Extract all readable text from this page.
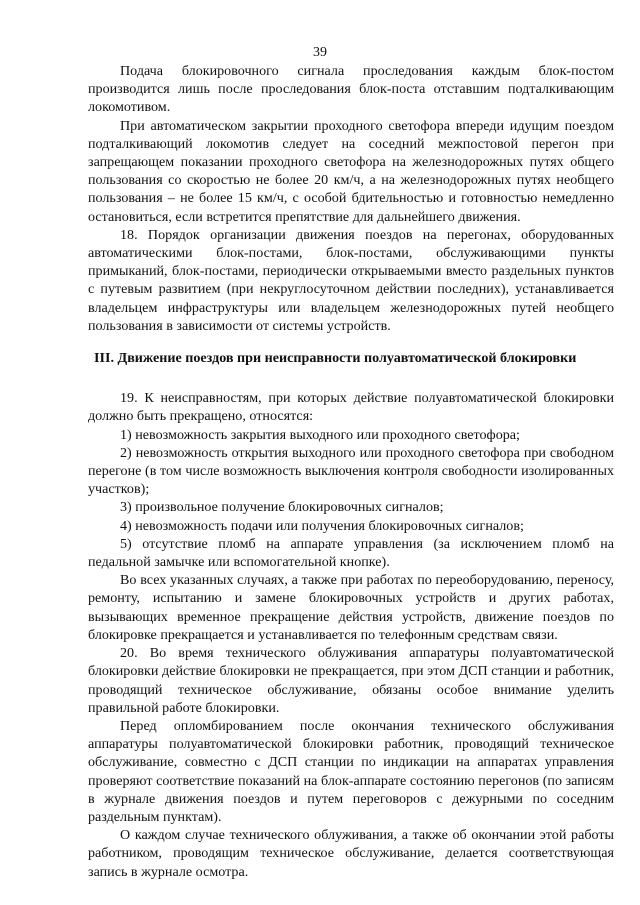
39

Подача блокировочного сигнала проследования каждым блок-постом производится лишь после проследования блок-поста отставшим подталкивающим локомотивом.

При автоматическом закрытии проходного светофора впереди идущим поездом подталкивающий локомотив следует на соседний межпостовой перегон при запрещающем показании проходного светофора на железнодорожных путях общего пользования со скоростью не более 20 км/ч, а на железнодорожных путях необщего пользования – не более 15 км/ч, с особой бдительностью и готовностью немедленно остановиться, если встретится препятствие для дальнейшего движения.

18. Порядок организации движения поездов на перегонах, оборудованных автоматическими блок-постами, блок-постами, обслуживающими пункты примыканий, блок-постами, периодически открываемыми вместо раздельных пунктов с путевым развитием (при некруглосуточном действии последних), устанавливается владельцем инфраструктуры или владельцем железнодорожных путей необщего пользования в зависимости от системы устройств.

III. Движение поездов при неисправности полуавтоматической блокировки

19. К неисправностям, при которых действие полуавтоматической блокировки должно быть прекращено, относятся:

1) невозможность закрытия выходного или проходного светофора;

2) невозможность открытия выходного или проходного светофора при свободном перегоне (в том числе возможность выключения контроля свободности изолированных участков);

3) произвольное получение блокировочных сигналов;

4) невозможность подачи или получения блокировочных сигналов;

5) отсутствие пломб на аппарате управления (за исключением пломб на педальной замычке или вспомогательной кнопке).

Во всех указанных случаях, а также при работах по переоборудованию, переносу, ремонту, испытанию и замене блокировочных устройств и других работах, вызывающих временное прекращение действия устройств, движение поездов по блокировке прекращается и устанавливается по телефонным средствам связи.

20. Во время технического облуживания аппаратуры полуавтоматической блокировки действие блокировки не прекращается, при этом ДСП станции и работник, проводящий техническое обслуживание, обязаны особое внимание уделить правильной работе блокировки.

Перед опломбированием после окончания технического обслуживания аппаратуры полуавтоматической блокировки работник, проводящий техническое обслуживание, совместно с ДСП станции по индикации на аппаратах управления проверяют соответствие показаний на блок-аппарате состоянию перегонов (по записям в журнале движения поездов и путем переговоров с дежурными по соседним раздельным пунктам).

О каждом случае технического облуживания, а также об окончании этой работы работником, проводящим техническое обслуживание, делается соответствующая запись в журнале осмотра.
